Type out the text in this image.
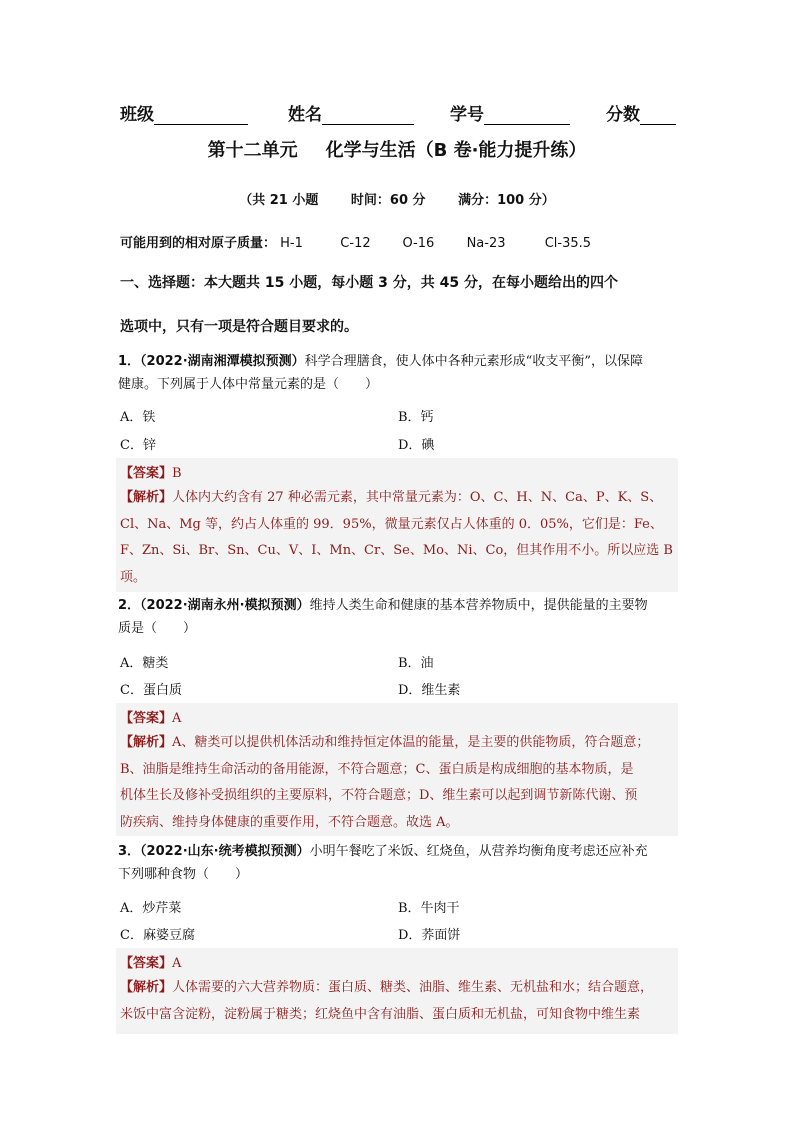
班级	姓名	学号	分数
第十二单元 化学与生活（B 卷·能力提升练）
（共 21 小题	时间：60 分	满分：100 分）
可能用到的相对原子质量： H-1	C-12 O-16 Na-23	Cl-35.5
一、选择题：本大题共 15 小题，每小题 3 分，共 45 分，在每小题给出的四个
选项中，只有一项是符合题目要求的。
1．（2022·湖南湘潭模拟预测）科学合理膳食，使人体中各种元素形成“收支平衡”，以保障
健康。下列属于人体中常量元素的是（　　）
A．铁	B．钙
C．锌	D．碘
【答案】B
【解析】人体内大约含有 27 种必需元素，其中常量元素为：O、C、H、N、Ca、P、K、S、
Cl、Na、Mg 等，约占人体重的 99．95%，微量元素仅占人体重的 0．05%，它们是：Fe、
F、Zn、Si、Br、Sn、Cu、V、I、Mn、Cr、Se、Mo、Ni、Co，但其作用不小。所以应选 B
项。
2．（2022·湖南永州·模拟预测）维持人类生命和健康的基本营养物质中，提供能量的主要物
质是（　　）
A．糖类	B．油
C．蛋白质	D．维生素
【答案】A
【解析】A、糖类可以提供机体活动和维持恒定体温的能量，是主要的供能物质，符合题意；
B、油脂是维持生命活动的备用能源，不符合题意；C、蛋白质是构成细胞的基本物质，是
机体生长及修补受损组织的主要原料，不符合题意；D、维生素可以起到调节新陈代谢、预
防疾病、维持身体健康的重要作用，不符合题意。故选 A。
3．（2022·山东·统考模拟预测）小明午餐吃了米饭、红烧鱼，从营养均衡角度考虑还应补充
下列哪种食物（　　）
A．炒芹菜	B．牛肉干
C．麻婆豆腐	D．荞面饼
【答案】A
【解析】人体需要的六大营养物质：蛋白质、糖类、油脂、维生素、无机盐和水；结合题意，
米饭中富含淀粉，淀粉属于糖类；红烧鱼中含有油脂、蛋白质和无机盐，可知食物中维生素
